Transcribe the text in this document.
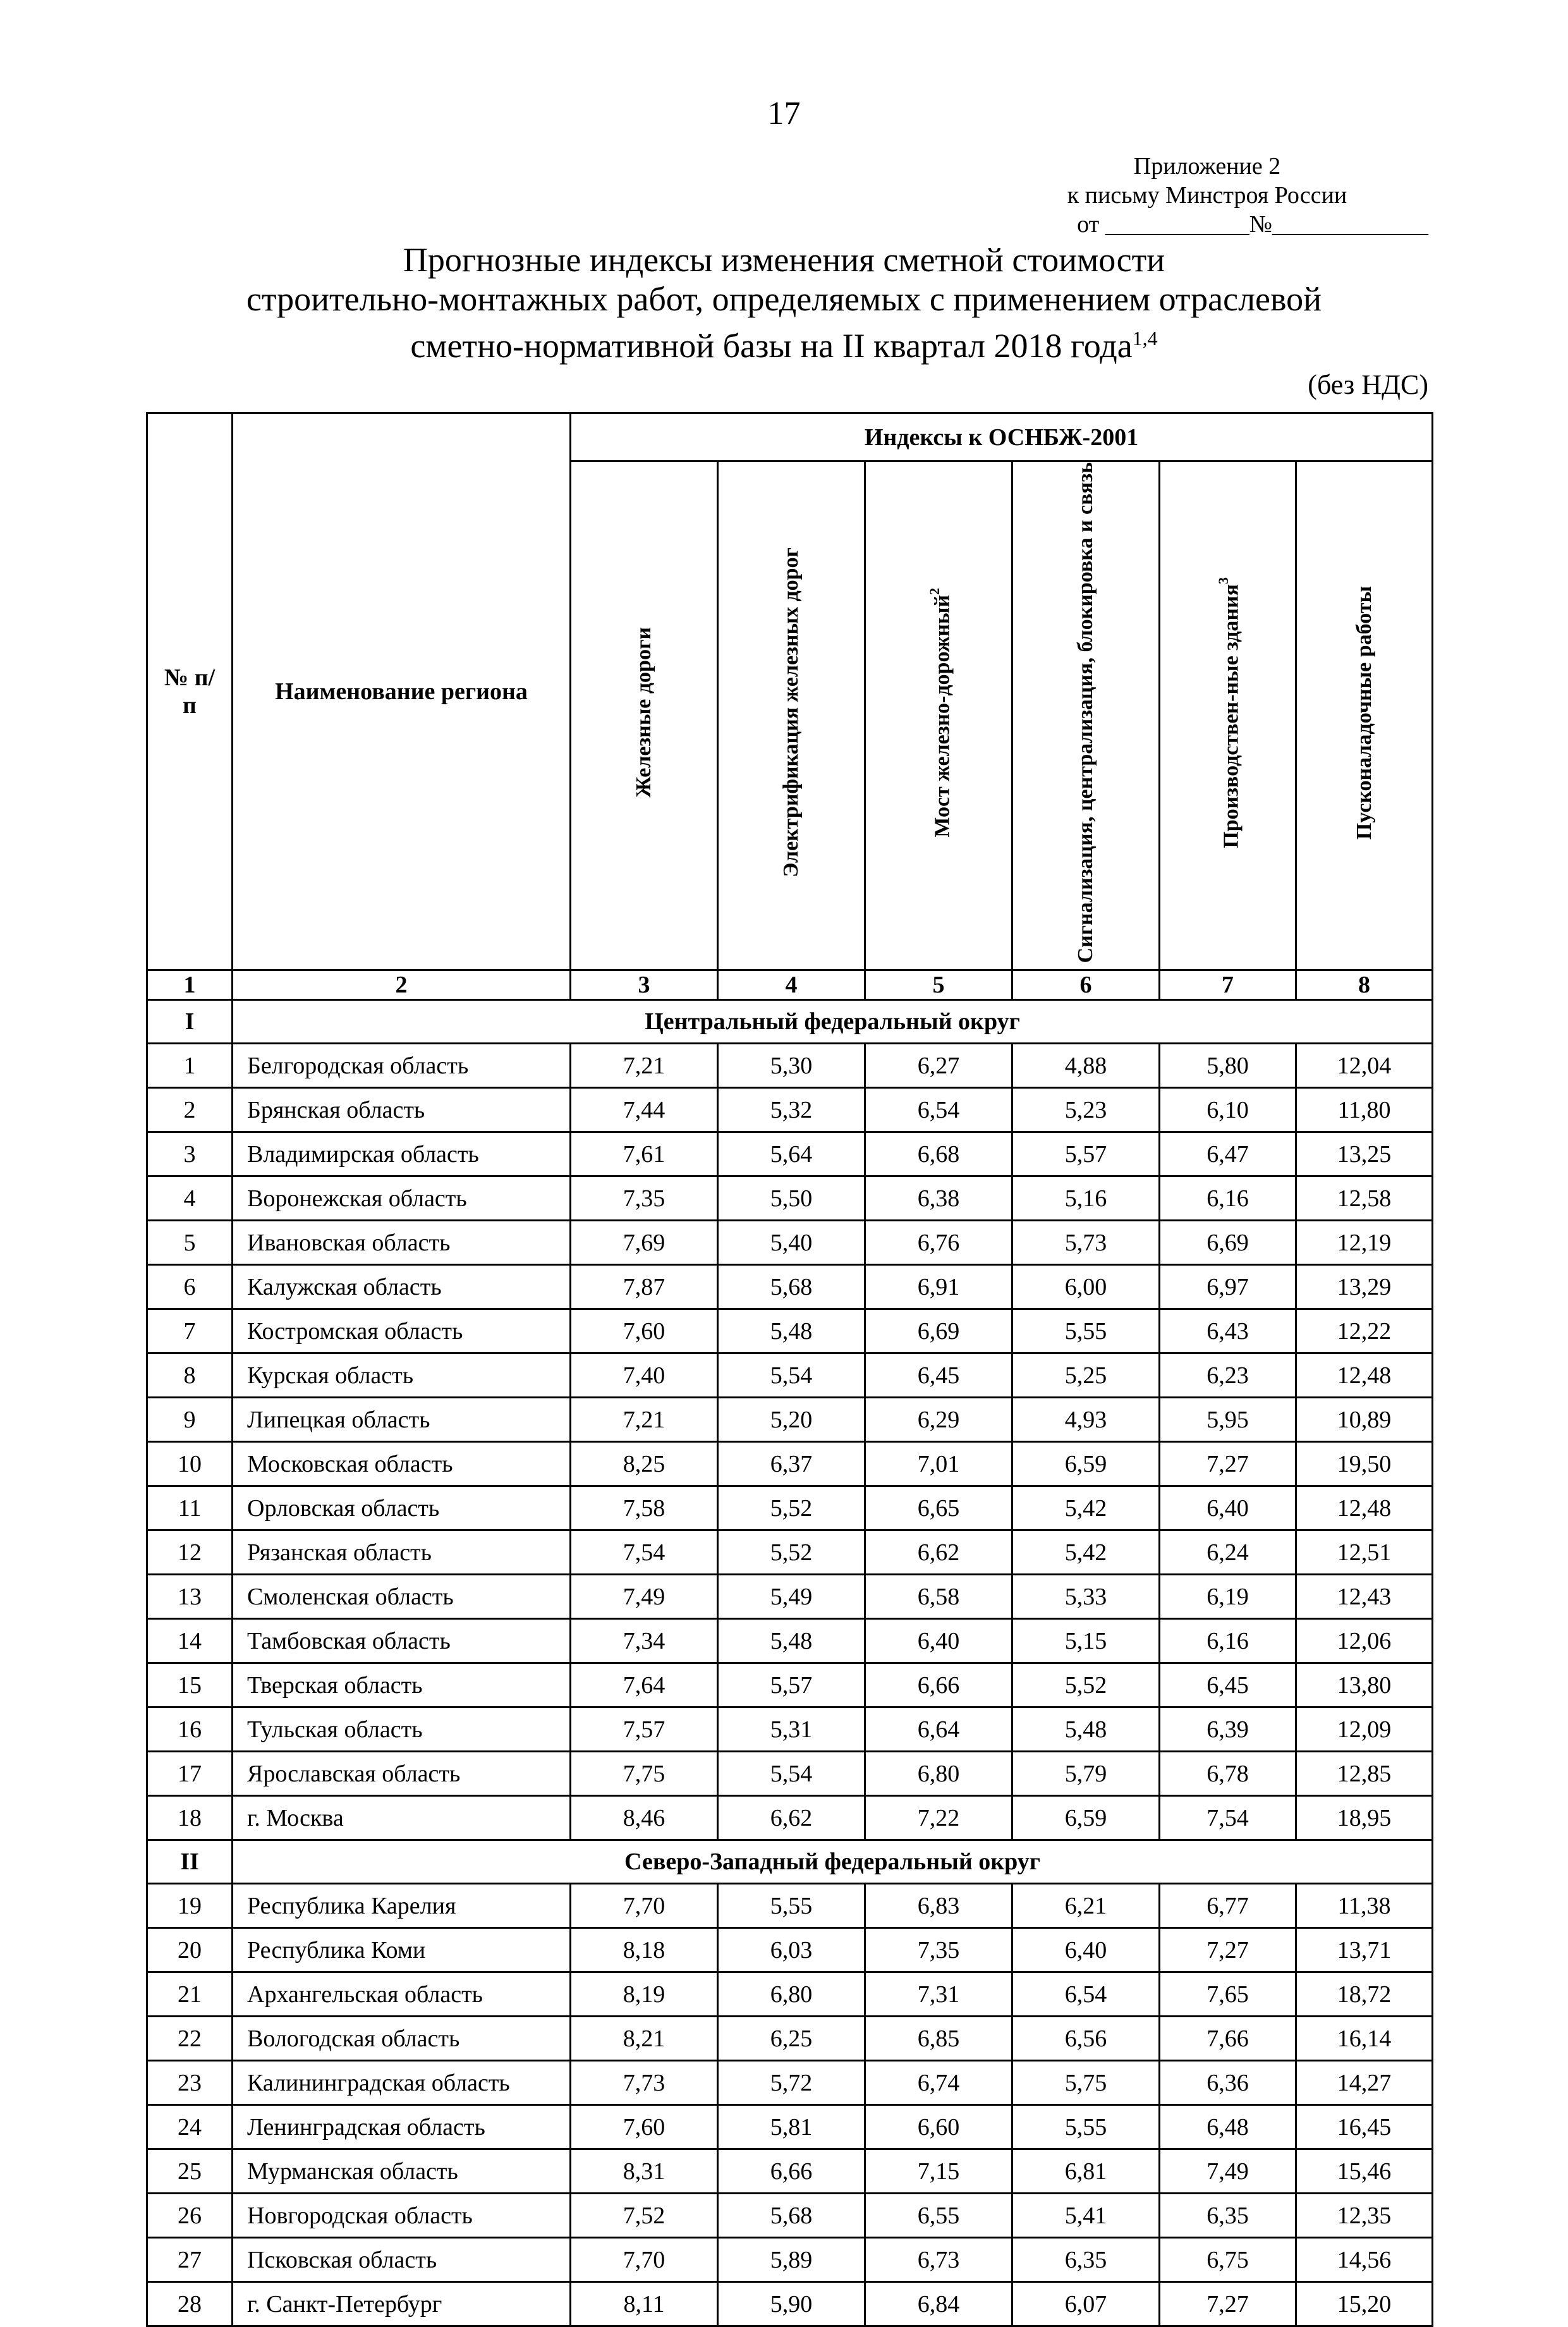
17
Приложение 2
к письму Минстроя России
от ____________№_____________
Прогнозные индексы изменения сметной стоимости
строительно-монтажных работ, определяемых с применением отраслевой
сметно-нормативной базы на II квартал 2018 года$^{1,4}$
(без НДС)
№ п/п	Наименование региона	Индексы к ОСНБЖ-2001					
		Железные дороги	Электрификация железных дорог	Мост железно-дорожный$^2$	Сигнализация, централизация, блокировка и связь	Производствен-ные здания$^3$	Пусконаладочные работы
1	2	3	4	5	6	7	8
I	Центральный федеральный округ						
1	Белгородская область	7,21	5,30	6,27	4,88	5,80	12,04
2	Брянская область	7,44	5,32	6,54	5,23	6,10	11,80
3	Владимирская область	7,61	5,64	6,68	5,57	6,47	13,25
4	Воронежская область	7,35	5,50	6,38	5,16	6,16	12,58
5	Ивановская область	7,69	5,40	6,76	5,73	6,69	12,19
6	Калужская область	7,87	5,68	6,91	6,00	6,97	13,29
7	Костромская область	7,60	5,48	6,69	5,55	6,43	12,22
8	Курская область	7,40	5,54	6,45	5,25	6,23	12,48
9	Липецкая область	7,21	5,20	6,29	4,93	5,95	10,89
10	Московская область	8,25	6,37	7,01	6,59	7,27	19,50
11	Орловская область	7,58	5,52	6,65	5,42	6,40	12,48
12	Рязанская область	7,54	5,52	6,62	5,42	6,24	12,51
13	Смоленская область	7,49	5,49	6,58	5,33	6,19	12,43
14	Тамбовская область	7,34	5,48	6,40	5,15	6,16	12,06
15	Тверская область	7,64	5,57	6,66	5,52	6,45	13,80
16	Тульская область	7,57	5,31	6,64	5,48	6,39	12,09
17	Ярославская область	7,75	5,54	6,80	5,79	6,78	12,85
18	г. Москва	8,46	6,62	7,22	6,59	7,54	18,95
II	Северо-Западный федеральный округ						
19	Республика Карелия	7,70	5,55	6,83	6,21	6,77	11,38
20	Республика Коми	8,18	6,03	7,35	6,40	7,27	13,71
21	Архангельская область	8,19	6,80	7,31	6,54	7,65	18,72
22	Вологодская область	8,21	6,25	6,85	6,56	7,66	16,14
23	Калининградская область	7,73	5,72	6,74	5,75	6,36	14,27
24	Ленинградская область	7,60	5,81	6,60	5,55	6,48	16,45
25	Мурманская область	8,31	6,66	7,15	6,81	7,49	15,46
26	Новгородская область	7,52	5,68	6,55	5,41	6,35	12,35
27	Псковская область	7,70	5,89	6,73	6,35	6,75	14,56
28	г. Санкт-Петербург	8,11	5,90	6,84	6,07	7,27	15,20
